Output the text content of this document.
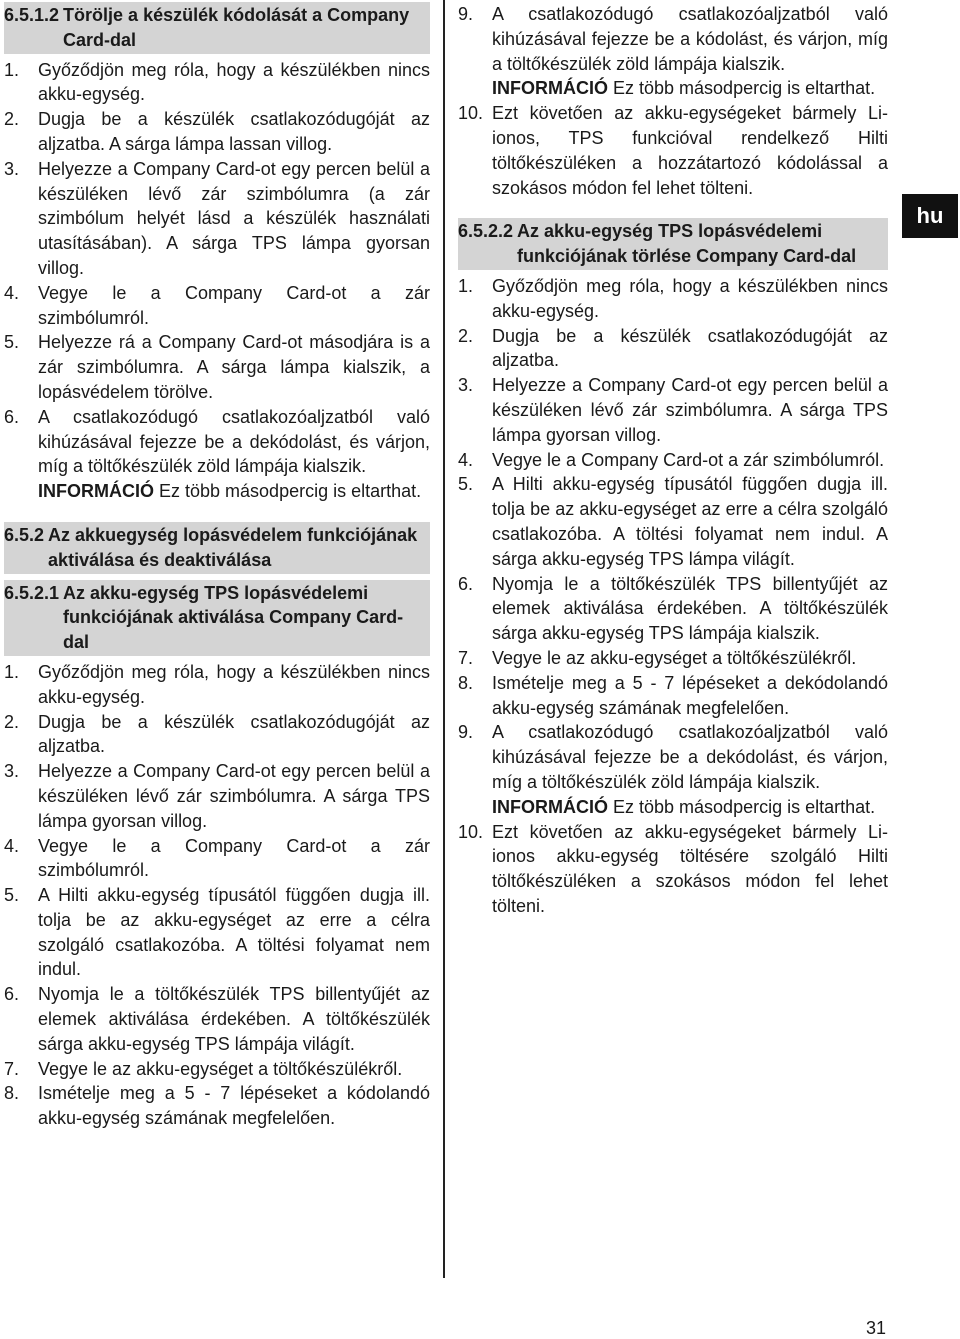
6.5.1.2 Törölje a készülék kódolását a Company Card-dal
1.	Győződjön meg róla, hogy a készülékben nincs akku-egység.

2.	Dugja be a készülék csatlakozódugóját az aljzatba. A sárga lámpa lassan villog.

3.	Helyezze a Company Card-ot egy percen belül a készüléken lévő zár szimbólumra (a zár szimbólum helyét lásd a készülék használati utasításában). A sárga TPS lámpa gyorsan villog.

4.	Vegye le a Company Card-ot a zár szimbólumról.

5.	Helyezze rá a Company Card-ot másodjára is a zár szimbólumra. A sárga lámpa kialszik, a lopásvédelem törölve.

6.	A csatlakozódugó csatlakozóaljzatból való kihúzásával fejezze be a dekódolást, és várjon, míg a töltőkészülék zöld lámpája kialszik.

INFORMÁCIÓ Ez több másodpercig is eltarthat.

6.5.2 Az akkuegység lopásvédelem funkciójának aktiválása és deaktiválása
6.5.2.1 Az akku-egység TPS lopásvédelemi funkciójának aktiválása Company Card-dal
1.	Győződjön meg róla, hogy a készülékben nincs akku-egység.

2.	Dugja be a készülék csatlakozódugóját az aljzatba.

3.	Helyezze a Company Card-ot egy percen belül a készüléken lévő zár szimbólumra. A sárga TPS lámpa gyorsan villog.

4.	Vegye le a Company Card-ot a zár szimbólumról.

5.	A Hilti akku-egység típusától függően dugja ill. tolja be az akku-egységet az erre a célra szolgáló csatlakozóba. A töltési folyamat nem indul.

6.	Nyomja le a töltőkészülék TPS billentyűjét az elemek aktiválása érdekében. A töltőkészülék sárga akku-egység TPS lámpája világít.

7.	Vegye le az akku-egységet a töltőkészülékről.

8.	Ismételje meg a 5 - 7 lépéseket a kódolandó akku-egység számának megfelelően.

9.	A csatlakozódugó csatlakozóaljzatból való kihúzásával fejezze be a kódolást, és várjon, míg a töltőkészülék zöld lámpája kialszik.

INFORMÁCIÓ Ez több másodpercig is eltarthat.

10. Ezt követően az akku-egységeket bármely Li-ionos, TPS funkcióval rendelkező Hilti töltőkészüléken a hozzátartozó kódolással a szokásos módon fel lehet tölteni.

6.5.2.2 Az akku-egység TPS lopásvédelemi funkciójának törlése Company Card-dal
1.	Győződjön meg róla, hogy a készülékben nincs akku-egység.

2.	Dugja be a készülék csatlakozódugóját az aljzatba.

3.	Helyezze a Company Card-ot egy percen belül a készüléken lévő zár szimbólumra. A sárga TPS lámpa gyorsan villog.

4.	Vegye le a Company Card-ot a zár szimbólumról.

5.	A Hilti akku-egység típusától függően dugja ill. tolja be az akku-egységet az erre a célra szolgáló csatlakozóba. A töltési folyamat nem indul. A sárga akku-egység TPS lámpa világít.

6.	Nyomja le a töltőkészülék TPS billentyűjét az elemek aktiválása érdekében. A töltőkészülék sárga akku-egység TPS lámpája kialszik.

7.	Vegye le az akku-egységet a töltőkészülékről.

8.	Ismételje meg a 5 - 7 lépéseket a dekódolandó akku-egység számának megfelelően.

9.	A csatlakozódugó csatlakozóaljzatból való kihúzásával fejezze be a dekódolást, és várjon, míg a töltőkészülék zöld lámpája kialszik.

INFORMÁCIÓ Ez több másodpercig is eltarthat.

10. Ezt követően az akku-egységeket bármely Li-ionos akku-egység töltésére szolgáló Hilti töltőkészüléken a szokásos módon fel lehet tölteni.

hu
31
